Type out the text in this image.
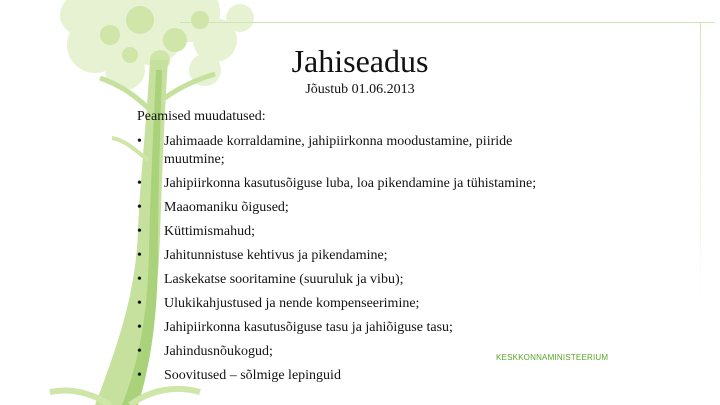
Jahiseadus
Jõustub 01.06.2013
Peamised muudatused:
• Jahimaade korraldamine, jahipiirkonna moodustamine, piiride muutmine;
• Jahipiirkonna kasutusõiguse luba, loa pikendamine ja tühistamine;
• Maaomaniku õigused;
• Küttimismahud;
• Jahitunnistuse kehtivus ja pikendamine;
• Laskekatse sooritamine (suuruluk ja vibu);
• Ulukikahjustused ja nende kompenseerimine;
• Jahipiirkonna kasutusõiguse tasu ja jahiõiguse tasu;
• Jahindusnõukogud;
• Soovitused – sõlmige lepinguid
KESKKONNAMINISTEERIUM
